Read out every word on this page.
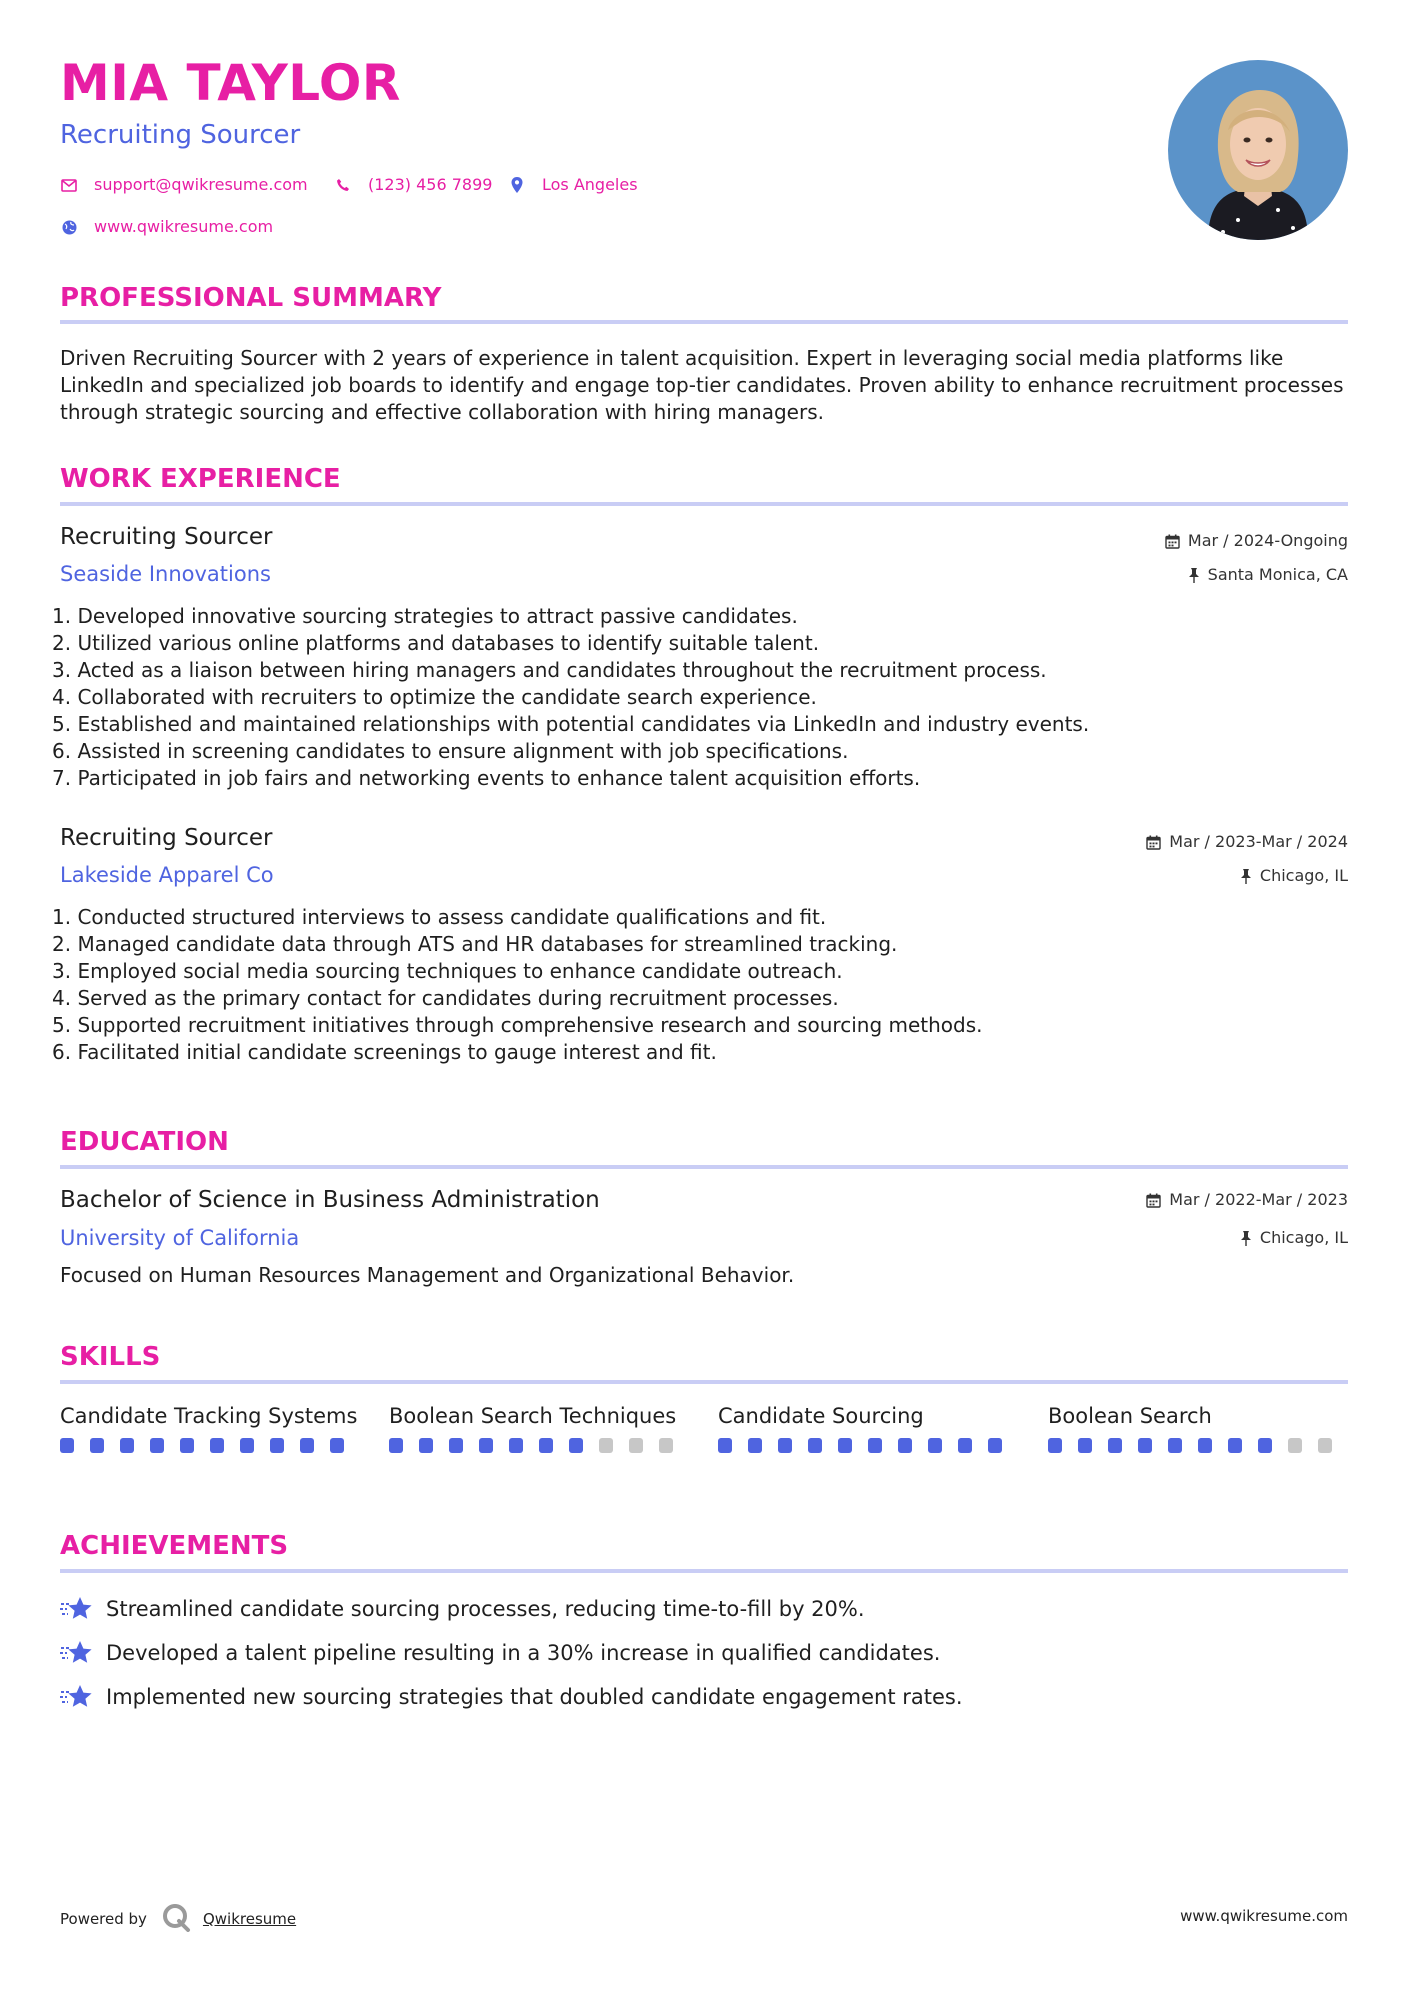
MIA TAYLOR
Recruiting Sourcer
support@qwikresume.com	(123) 456 7899	Los Angeles
www.qwikresume.com
PROFESSIONAL SUMMARY
Driven Recruiting Sourcer with 2 years of experience in talent acquisition. Expert in leveraging social media platforms like LinkedIn and specialized job boards to identify and engage top-tier candidates. Proven ability to enhance recruitment processes through strategic sourcing and effective collaboration with hiring managers.
WORK EXPERIENCE
Recruiting Sourcer
Seaside Innovations
Mar / 2024-Ongoing
Santa Monica, CA
1. Developed innovative sourcing strategies to attract passive candidates.
2. Utilized various online platforms and databases to identify suitable talent.
3. Acted as a liaison between hiring managers and candidates throughout the recruitment process.
4. Collaborated with recruiters to optimize the candidate search experience.
5. Established and maintained relationships with potential candidates via LinkedIn and industry events.
6. Assisted in screening candidates to ensure alignment with job specifications.
7. Participated in job fairs and networking events to enhance talent acquisition efforts.
Recruiting Sourcer
Lakeside Apparel Co
Mar / 2023-Mar / 2024
Chicago, IL
1. Conducted structured interviews to assess candidate qualifications and fit.
2. Managed candidate data through ATS and HR databases for streamlined tracking.
3. Employed social media sourcing techniques to enhance candidate outreach.
4. Served as the primary contact for candidates during recruitment processes.
5. Supported recruitment initiatives through comprehensive research and sourcing methods.
6. Facilitated initial candidate screenings to gauge interest and fit.
EDUCATION
Bachelor of Science in Business Administration
University of California
Mar / 2022-Mar / 2023
Chicago, IL
Focused on Human Resources Management and Organizational Behavior.
SKILLS
Candidate Tracking Systems Boolean Search Techniques	Candidate Sourcing	Boolean Search
ACHIEVEMENTS
Streamlined candidate sourcing processes, reducing time-to-fill by 20%.
Developed a talent pipeline resulting in a 30% increase in qualified candidates.
Implemented new sourcing strategies that doubled candidate engagement rates.
Powered by	Qwikresume	www.qwikresume.com
